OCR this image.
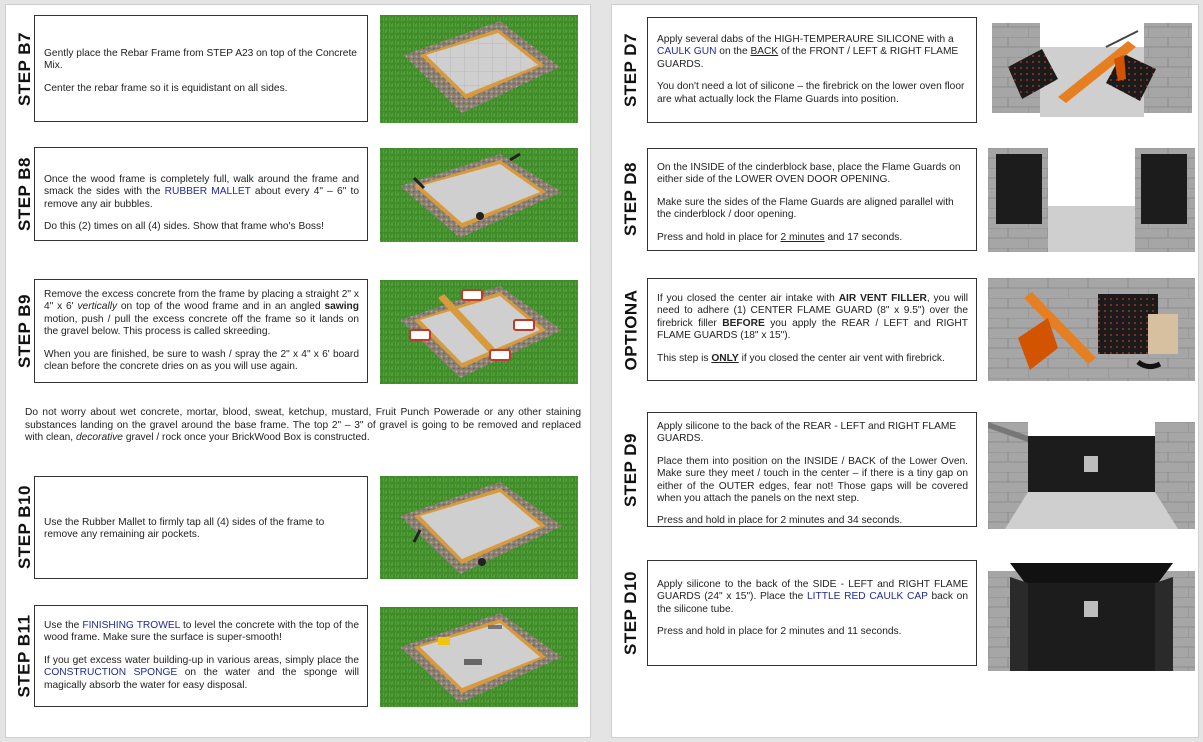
STEP B7 Gently place the Rebar Frame from STEP A23 on top of the Concrete Mix.

Center the rebar frame so it is equidistant on all sides.

STEP B8 Once the wood frame is completely full, walk around the frame and smack the sides with the RUBBER MALLET about every 4" – 6" to remove any air bubbles.

Do this (2) times on all (4) sides. Show that frame who's Boss!

STEP B9 Remove the excess concrete from the frame by placing a straight 2" x 4" x 6' vertically on top of the wood frame and in an angled sawing motion, push / pull the excess concrete off the frame so it lands on the gravel below. This process is called skreeding.

When you are finished, be sure to wash / spray the 2" x 4" x 6' board clean before the concrete dries on as you will use again.

Do not worry about wet concrete, mortar, blood, sweat, ketchup, mustard, Fruit Punch Powerade or any other staining substances landing on the gravel around the base frame. The top 2" – 3" of gravel is going to be removed and replaced with clean, decorative gravel / rock once your BrickWood Box is constructed.
STEP B10 Use the Rubber Mallet to firmly tap all (4) sides of the frame to remove any remaining air pockets.

STEP B11 Use the FINISHING TROWEL to level the concrete with the top of the wood frame. Make sure the surface is super-smooth!

If you get excess water building-up in various areas, simply place the CONSTRUCTION SPONGE on the water and the sponge will magically absorb the water for easy disposal.

STEP D7 Apply several dabs of the HIGH-TEMPERAURE SILICONE with a CAULK GUN on the BACK of the FRONT / LEFT & RIGHT FLAME GUARDS.

You don't need a lot of silicone – the firebrick on the lower oven floor are what actually lock the Flame Guards into position.

STEP D8 On the INSIDE of the cinderblock base, place the Flame Guards on either side of the LOWER OVEN DOOR OPENING.

Make sure the sides of the Flame Guards are aligned parallel with the cinderblock / door opening.

Press and hold in place for 2 minutes and 17 seconds.

OPTIONA If you closed the center air intake with AIR VENT FILLER, you will need to adhere (1) CENTER FLAME GUARD (8" x 9.5") over the firebrick filler BEFORE you apply the REAR / LEFT and RIGHT FLAME GUARDS (18" x 15").

This step is ONLY if you closed the center air vent with firebrick.

STEP D9

Apply silicone to the back of the REAR - LEFT and RIGHT FLAME GUARDS.

Place them into position on the INSIDE / BACK of the Lower Oven. Make sure they meet / touch in the center – if there is a tiny gap on either of the OUTER edges, fear not! Those gaps will be covered when you attach the panels on the next step.

Press and hold in place for 2 minutes and 34 seconds.

STEP D10 Apply silicone to the back of the SIDE - LEFT and RIGHT FLAME GUARDS (24" x 15"). Place the LITTLE RED CAULK CAP back on the silicone tube.

Press and hold in place for 2 minutes and 11 seconds.
